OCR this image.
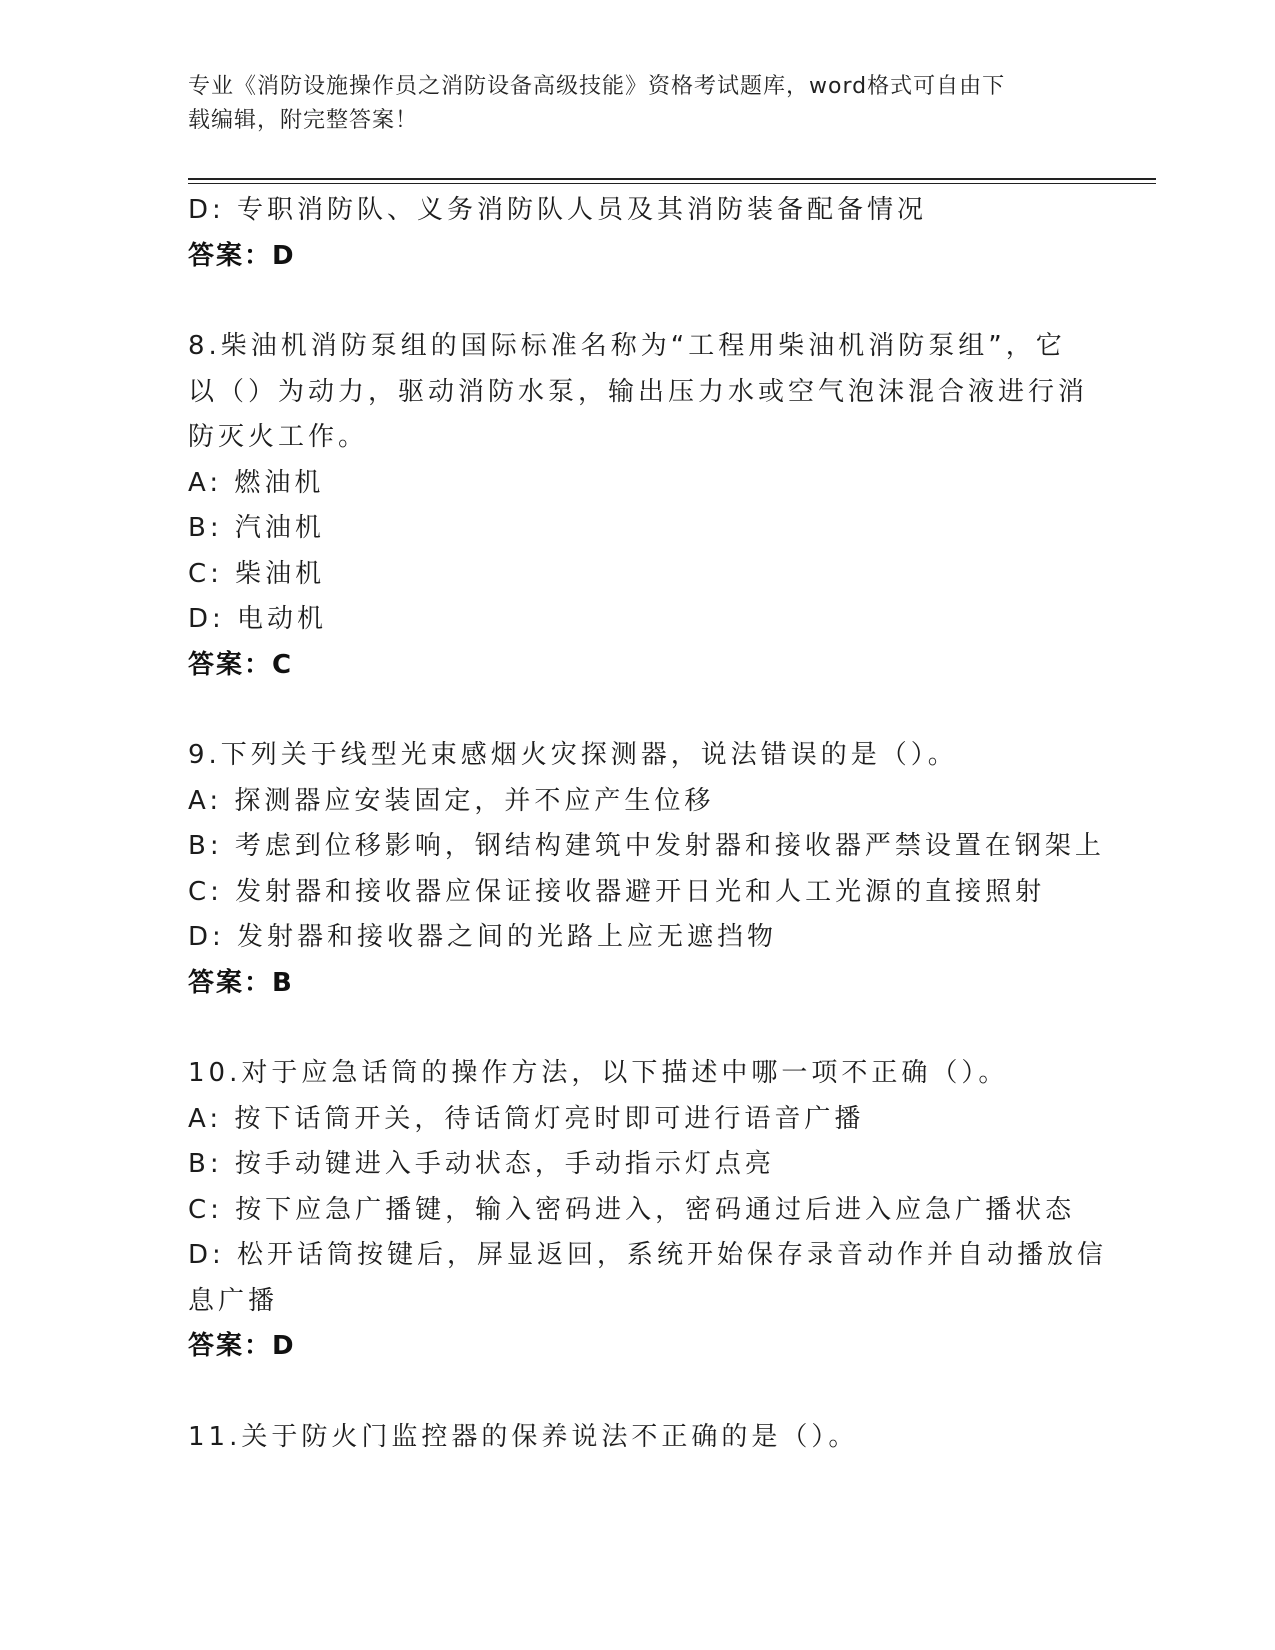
专业《消防设施操作员之消防设备高级技能》资格考试题库，word格式可自由下
载编辑，附完整答案！
D: 专职消防队、义务消防队人员及其消防装备配备情况
答案：D
8.柴油机消防泵组的国际标准名称为“工程用柴油机消防泵组”，它
以（）为动力，驱动消防水泵，输出压力水或空气泡沫混合液进行消
防灭火工作。
A: 燃油机
B: 汽油机
C: 柴油机
D: 电动机
答案：C
9.下列关于线型光束感烟火灾探测器，说法错误的是（）。
A: 探测器应安装固定，并不应产生位移
B: 考虑到位移影响，钢结构建筑中发射器和接收器严禁设置在钢架上
C: 发射器和接收器应保证接收器避开日光和人工光源的直接照射
D: 发射器和接收器之间的光路上应无遮挡物
答案：B
10.对于应急话筒的操作方法，以下描述中哪一项不正确（）。
A: 按下话筒开关，待话筒灯亮时即可进行语音广播
B: 按手动键进入手动状态，手动指示灯点亮
C: 按下应急广播键，输入密码进入，密码通过后进入应急广播状态
D: 松开话筒按键后，屏显返回，系统开始保存录音动作并自动播放信
息广播
答案：D
11.关于防火门监控器的保养说法不正确的是（）。
